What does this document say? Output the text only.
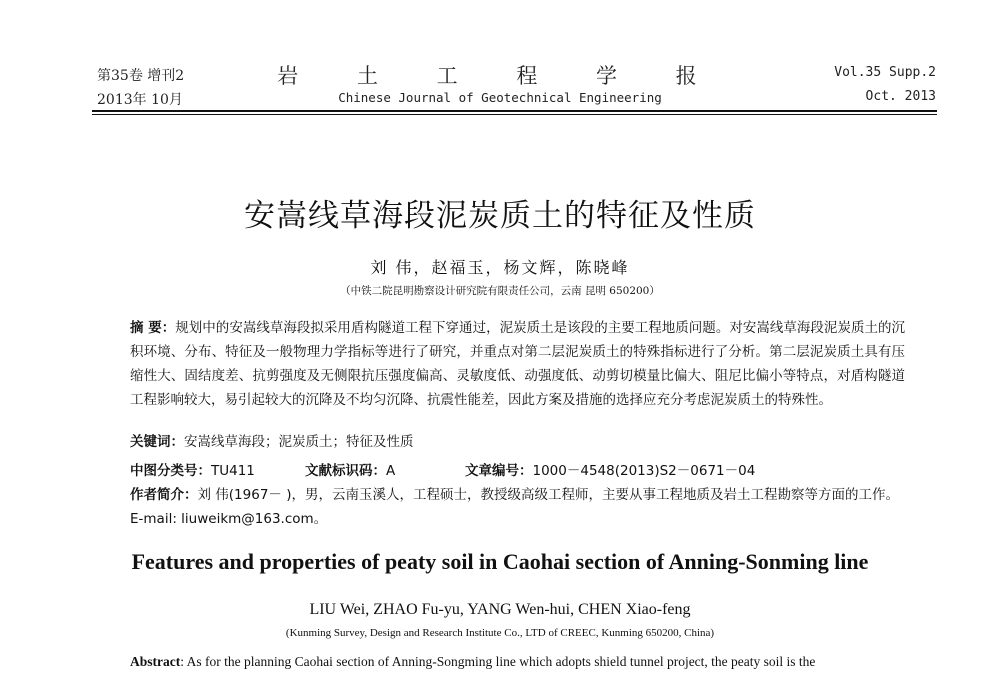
第35卷 增刊2
2013年 10月
岩 土 工 程 学 报
Chinese Journal of Geotechnical Engineering
Vol.35 Supp.2
Oct. 2013
安嵩线草海段泥炭质土的特征及性质
刘 伟，赵福玉，杨文辉，陈晓峰
（中铁二院昆明勘察设计研究院有限责任公司，云南 昆明 650200）
摘 要：规划中的安嵩线草海段拟采用盾构隧道工程下穿通过，泥炭质土是该段的主要工程地质问题。对安嵩线草海段泥炭质土的沉积环境、分布、特征及一般物理力学指标等进行了研究，并重点对第二层泥炭质土的特殊指标进行了分析。第二层泥炭质土具有压缩性大、固结度差、抗剪强度及无侧限抗压强度偏高、灵敏度低、动强度低、动剪切模量比偏大、阻尼比偏小等特点，对盾构隧道工程影响较大，易引起较大的沉降及不均匀沉降、抗震性能差，因此方案及措施的选择应充分考虑泥炭质土的特殊性。
关键词：安嵩线草海段；泥炭质土；特征及性质
中图分类号：TU411	文献标识码：A	文章编号：1000－4548(2013)S2－0671－04
作者简介：刘 伟(1967－ )，男，云南玉溪人，工程硕士，教授级高级工程师，主要从事工程地质及岩土工程勘察等方面的工作。E-mail: liuweikm@163.com。
Features and properties of peaty soil in Caohai section of Anning-Sonming line
LIU Wei, ZHAO Fu-yu, YANG Wen-hui, CHEN Xiao-feng
(Kunming Survey, Design and Research Institute Co., LTD of CREEC, Kunming 650200, China)
Abstract: As for the planning Caohai section of Anning-Songming line which adopts shield tunnel project, the peaty soil is the
